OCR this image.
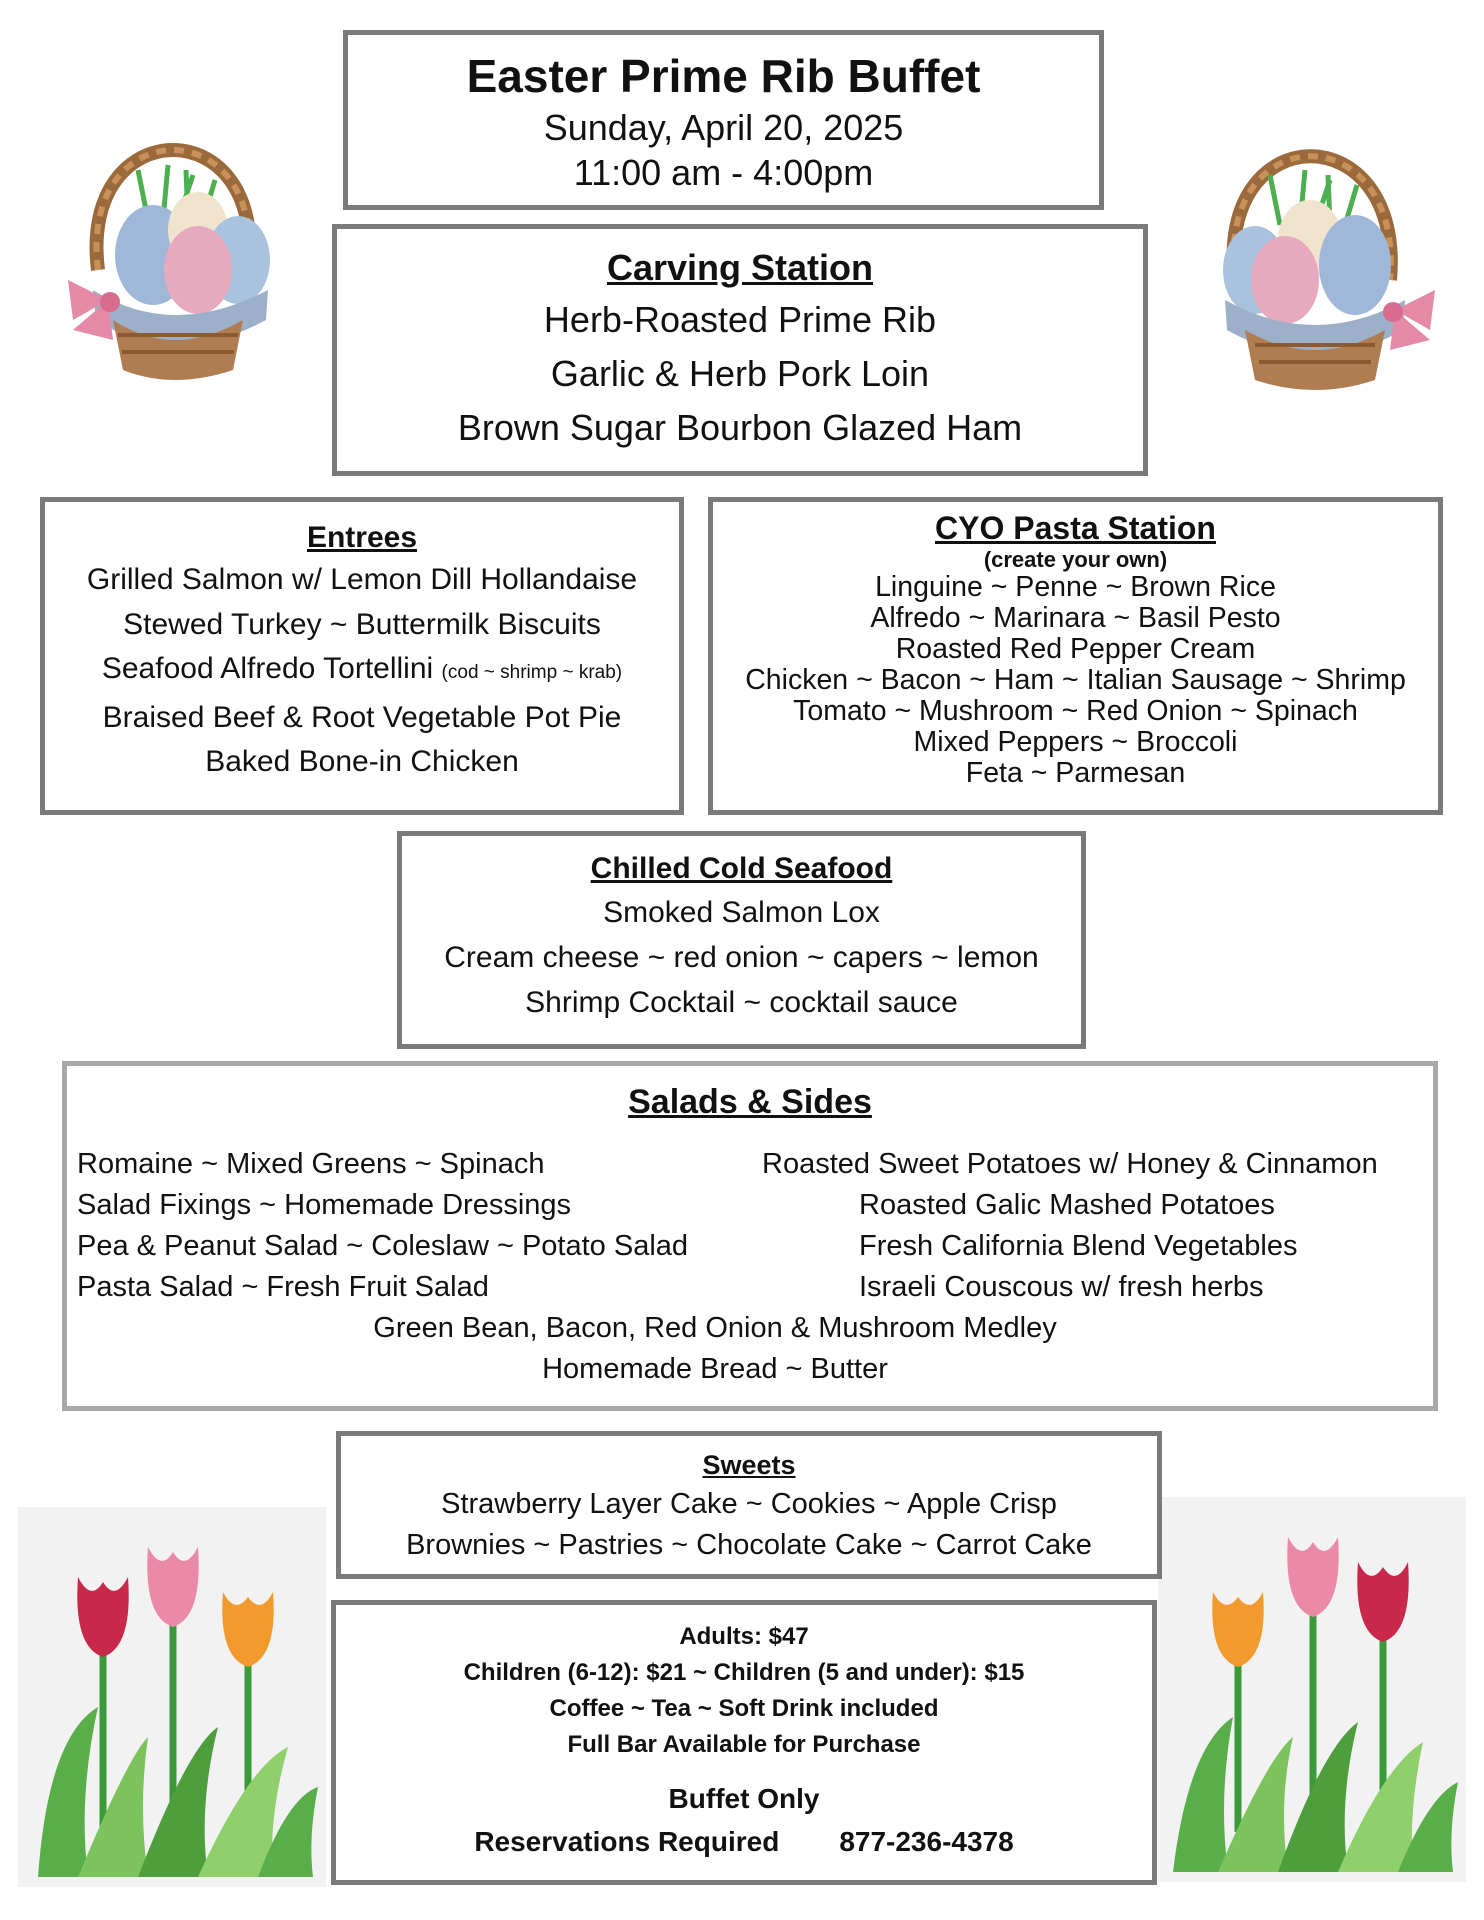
Easter Prime Rib Buffet
Sunday, April 20, 2025
11:00 am - 4:00pm
Carving Station
Herb-Roasted Prime Rib
Garlic & Herb Pork Loin
Brown Sugar Bourbon Glazed Ham
Entrees
Grilled Salmon w/ Lemon Dill Hollandaise
Stewed Turkey ~ Buttermilk Biscuits
Seafood Alfredo Tortellini (cod ~ shrimp ~ krab)
Braised Beef & Root Vegetable Pot Pie
Baked Bone-in Chicken
CYO Pasta Station
(create your own)
Linguine ~ Penne ~ Brown Rice
Alfredo ~ Marinara ~ Basil Pesto
Roasted Red Pepper Cream
Chicken ~ Bacon ~ Ham ~ Italian Sausage ~ Shrimp
Tomato ~ Mushroom ~ Red Onion ~ Spinach
Mixed Peppers ~ Broccoli
Feta ~ Parmesan
Chilled Cold Seafood
Smoked Salmon Lox
Cream cheese ~ red onion ~ capers ~ lemon
Shrimp Cocktail ~ cocktail sauce
Salads & Sides
Romaine ~ Mixed Greens ~ Spinach
Salad Fixings ~ Homemade Dressings
Pea & Peanut Salad ~ Coleslaw ~ Potato Salad
Pasta Salad ~ Fresh Fruit Salad
Roasted Sweet Potatoes w/ Honey & Cinnamon
Roasted Galic Mashed Potatoes
Fresh California Blend Vegetables
Israeli Couscous w/ fresh herbs
Green Bean, Bacon, Red Onion & Mushroom Medley
Homemade Bread ~ Butter
Sweets
Strawberry Layer Cake ~ Cookies ~ Apple Crisp
Brownies ~ Pastries ~ Chocolate Cake ~ Carrot Cake
Adults: $47
Children (6-12): $21 ~ Children (5 and under): $15
Coffee ~ Tea ~ Soft Drink included
Full Bar Available for Purchase
Buffet Only
Reservations Required 877-236-4378
